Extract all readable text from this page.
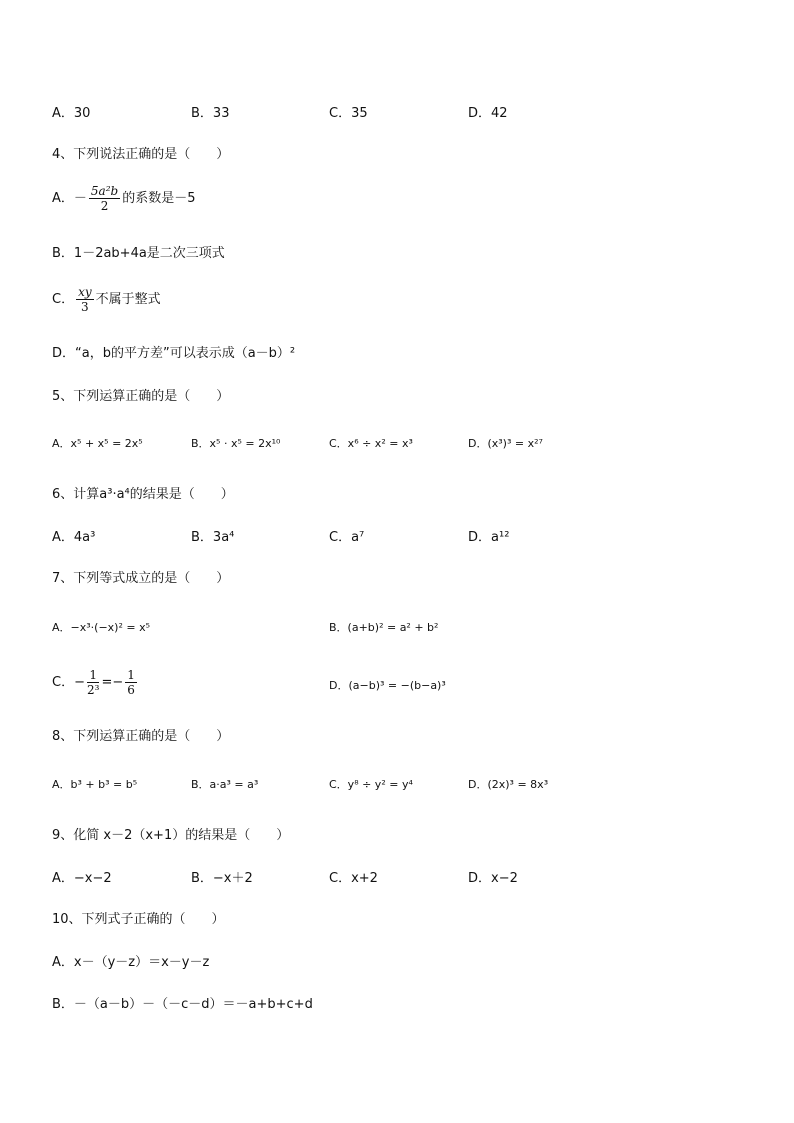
A．30	B．33	C．35	D．42
4、下列说法正确的是（　　）
A．－ $\frac{\text{5a²b}}{2}$ 的系数是－5
B．1－2ab+4a是二次三项式
C． $\frac{xy}{3}$ 不属于整式
D．“a，b的平方差”可以表示成（a－b）²
5、下列运算正确的是（　　）
A．x⁵ + x⁵ = 2x⁵	B．x⁵ · x⁵ = 2x¹⁰	C．x⁶ ÷ x² = x³	D．(x³)³ = x²⁷
6、计算a³·a⁴的结果是（　　）
A．4a³	B．3a⁴	C．a⁷	D．a¹²
7、下列等式成立的是（　　）
A．−x³·(−x)² = x⁵	B．(a+b)² = a² + b²
C．− $\frac{1}{\text{2³}} =- \frac{1}{6}$	D．(a−b)³ = −(b−a)³
8、下列运算正确的是（　　）
A．b³ + b³ = b⁵	B．a·a³ = a³	C．y⁸ ÷ y² = y⁴	D．(2x)³ = 8x³
9、化简 x－2（x+1）的结果是（　　）
A．−x−2	B．−x＋2	C．x+2	D．x−2
10、下列式子正确的（　　）
A．x－（y－z）＝x－y－z
B．－（a－b）－（－c－d）＝－a+b+c+d
